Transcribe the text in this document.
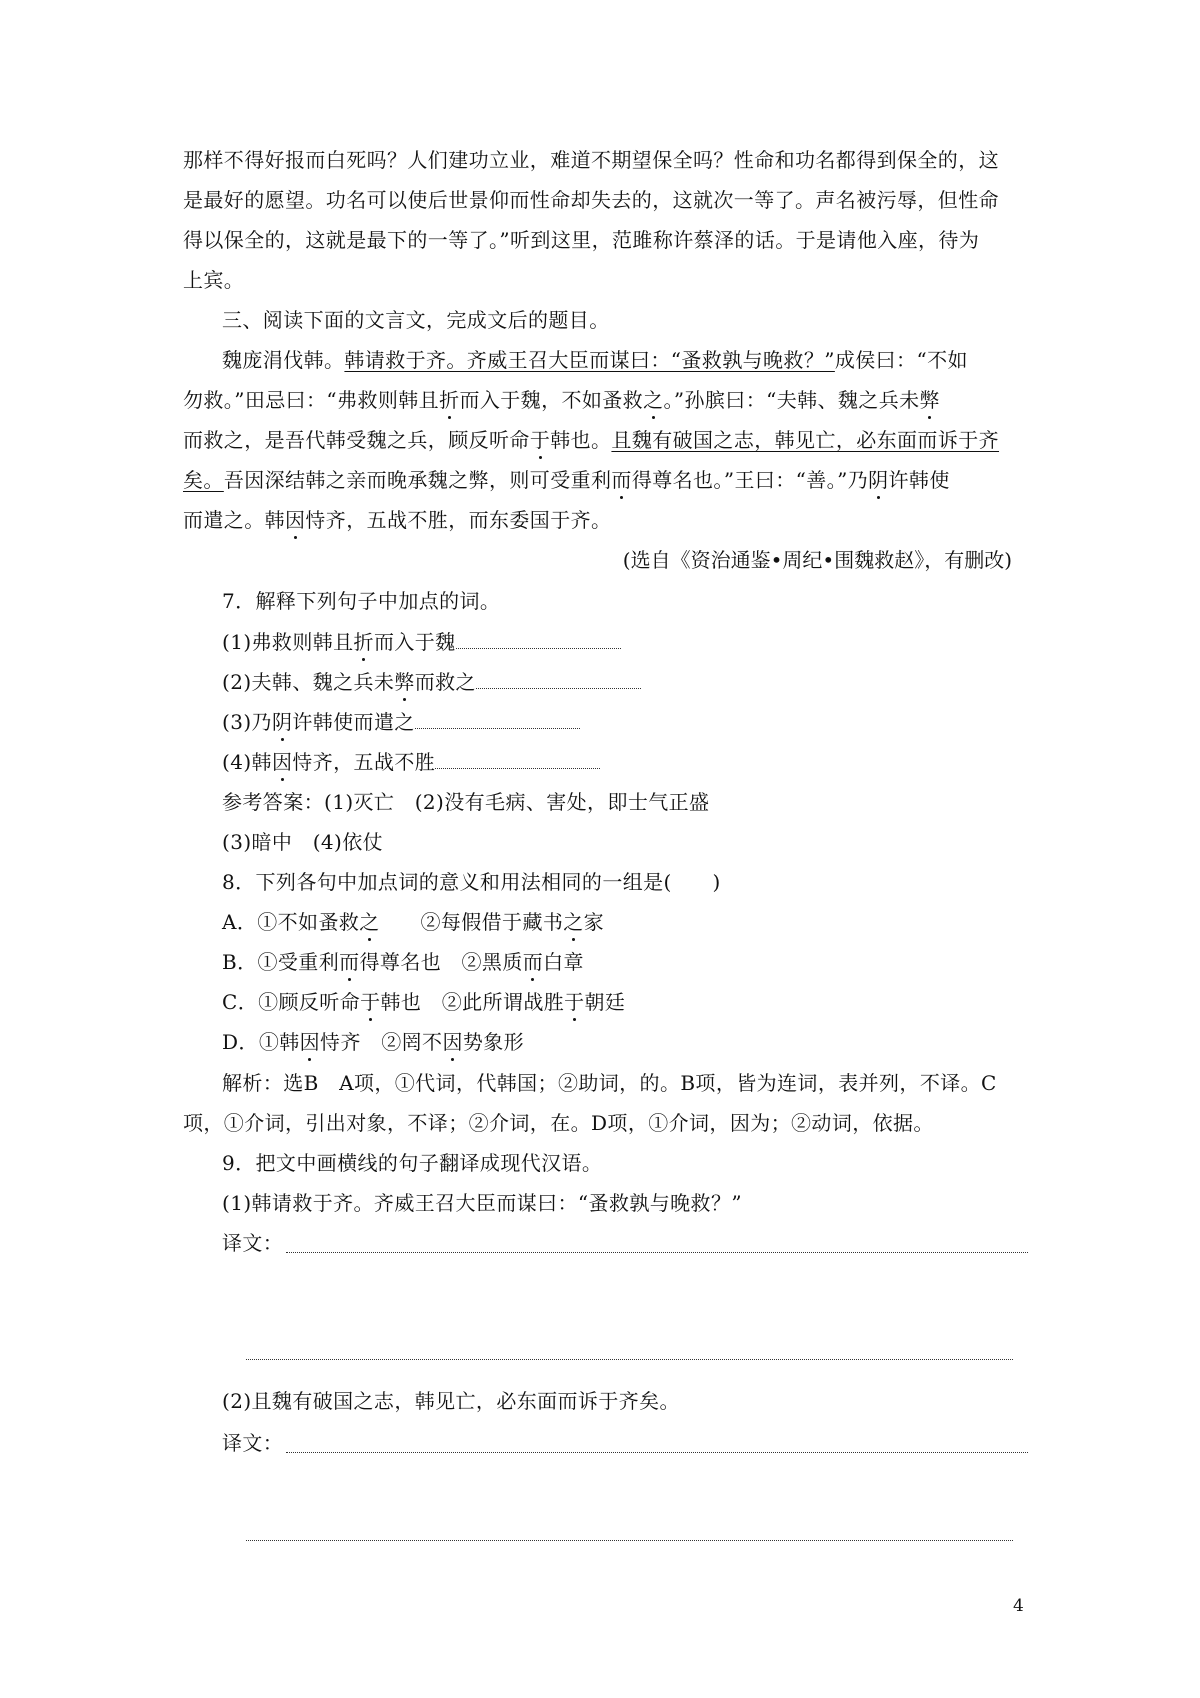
那样不得好报而白死吗？人们建功立业，难道不期望保全吗？性命和功名都得到保全的，这
是最好的愿望。功名可以使后世景仰而性命却失去的，这就次一等了。声名被污辱，但性命
得以保全的，这就是最下的一等了。”听到这里，范雎称许蔡泽的话。于是请他入座，待为
上宾。
三、阅读下面的文言文，完成文后的题目。
魏庞涓伐韩。韩请救于齐。齐威王召大臣而谋曰：“蚤救孰与晚救？”成侯曰：“不如
勿救。”田忌曰：“弗救则韩且折而入于魏，不如蚤救之。”孙膑曰：“夫韩、魏之兵未弊
而救之，是吾代韩受魏之兵，顾反听命于韩也。且魏有破国之志，韩见亡，必东面而诉于齐
矣。吾因深结韩之亲而晚承魏之弊，则可受重利而得尊名也。”王曰：“善。”乃阴许韩使
而遣之。韩因恃齐，五战不胜，而东委国于齐。
(选自《资治通鉴•周纪•围魏救赵》，有删改)
7．解释下列句子中加点的词。
(1)弗救则韩且折而入于魏
(2)夫韩、魏之兵未弊而救之
(3)乃阴许韩使而遣之
(4)韩因恃齐，五战不胜
参考答案：(1)灭亡　(2)没有毛病、害处，即士气正盛
(3)暗中　(4)依仗
8．下列各句中加点词的意义和用法相同的一组是(　　)
A．①不如蚤救之　　②每假借于藏书之家
B．①受重利而得尊名也　②黑质而白章
C．①顾反听命于韩也　②此所谓战胜于朝廷
D．①韩因恃齐　②罔不因势象形
解析：选B　A项，①代词，代韩国；②助词，的。B项，皆为连词，表并列，不译。C
项，①介词，引出对象，不译；②介词，在。D项，①介词，因为；②动词，依据。
9．把文中画横线的句子翻译成现代汉语。
(1)韩请救于齐。齐威王召大臣而谋曰：“蚤救孰与晚救？”
译文：
(2)且魏有破国之志，韩见亡，必东面而诉于齐矣。
译文：
4
